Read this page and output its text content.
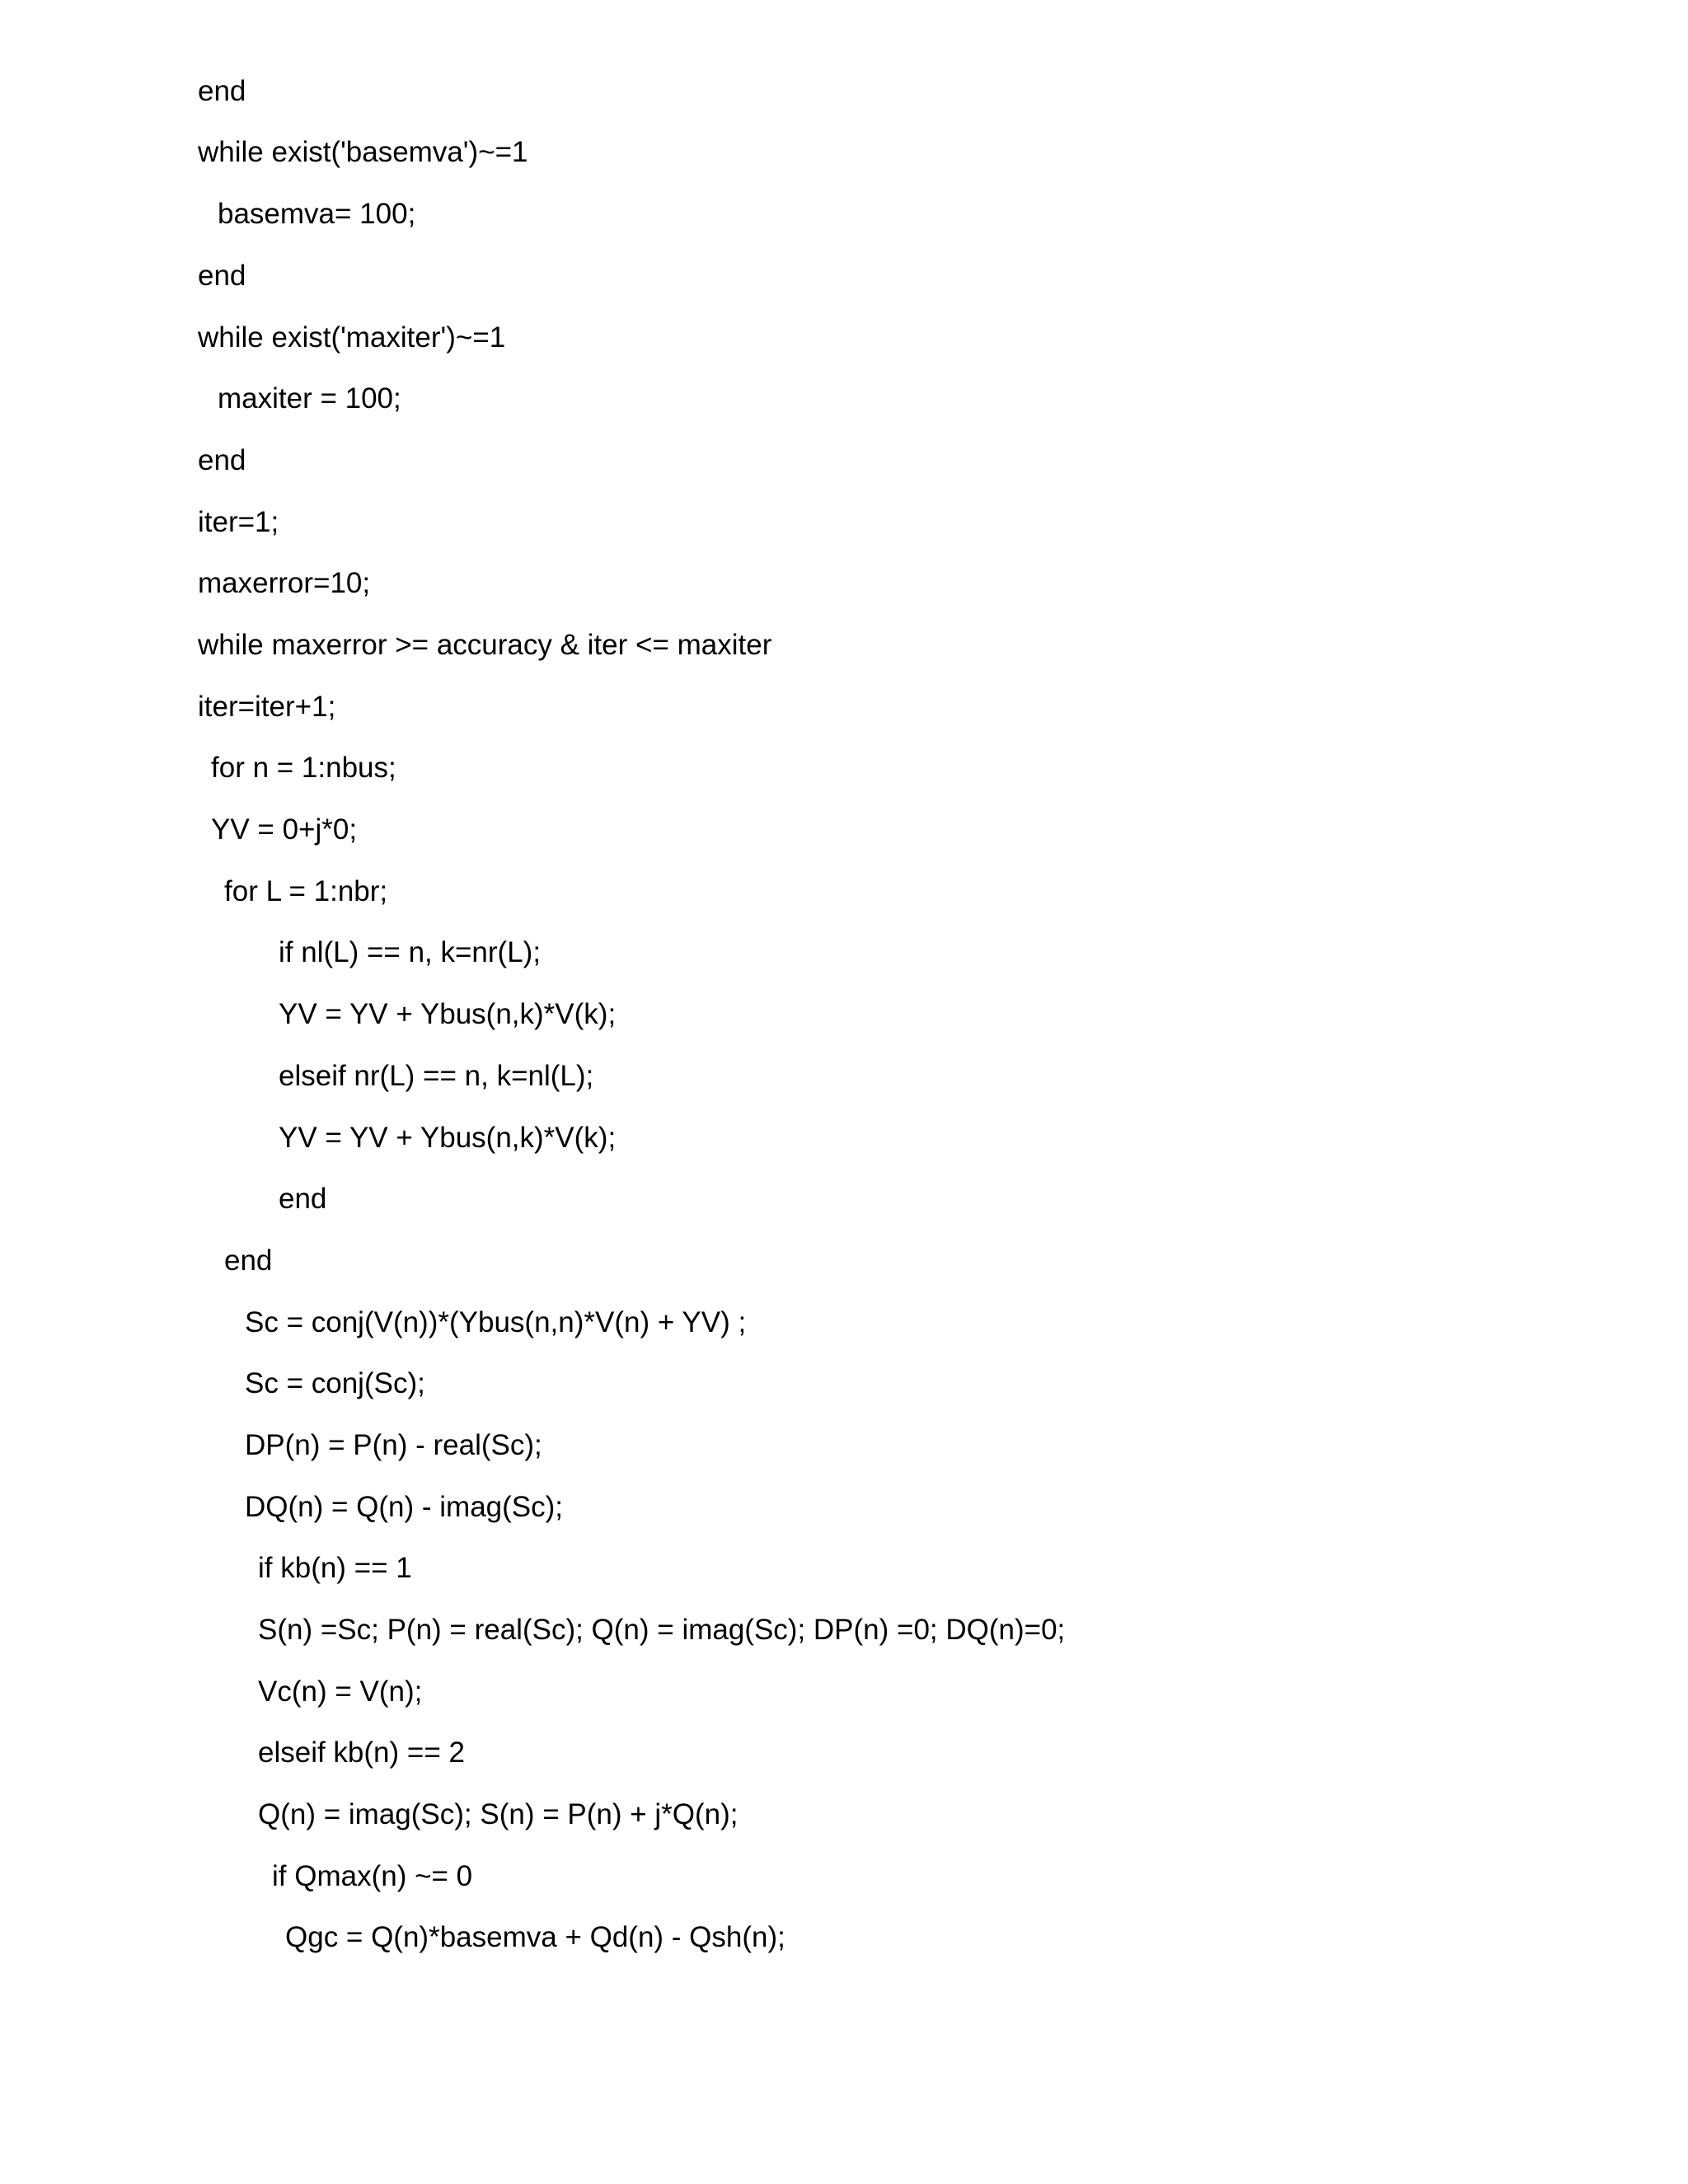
end
while exist('basemva')~=1
basemva= 100;
end
while exist('maxiter')~=1
maxiter = 100;
end
iter=1;
maxerror=10;
while maxerror >= accuracy & iter <= maxiter
iter=iter+1;
for n = 1:nbus;
YV = 0+j*0;
for L = 1:nbr;
if nl(L) == n, k=nr(L);
YV = YV + Ybus(n,k)*V(k);
elseif nr(L) == n, k=nl(L);
YV = YV + Ybus(n,k)*V(k);
end
end
Sc = conj(V(n))*(Ybus(n,n)*V(n) + YV) ;
Sc = conj(Sc);
DP(n) = P(n) - real(Sc);
DQ(n) = Q(n) - imag(Sc);
if kb(n) == 1
S(n) =Sc; P(n) = real(Sc); Q(n) = imag(Sc); DP(n) =0; DQ(n)=0;
Vc(n) = V(n);
elseif kb(n) == 2
Q(n) = imag(Sc); S(n) = P(n) + j*Q(n);
if Qmax(n) ~= 0
Qgc = Q(n)*basemva + Qd(n) - Qsh(n);
